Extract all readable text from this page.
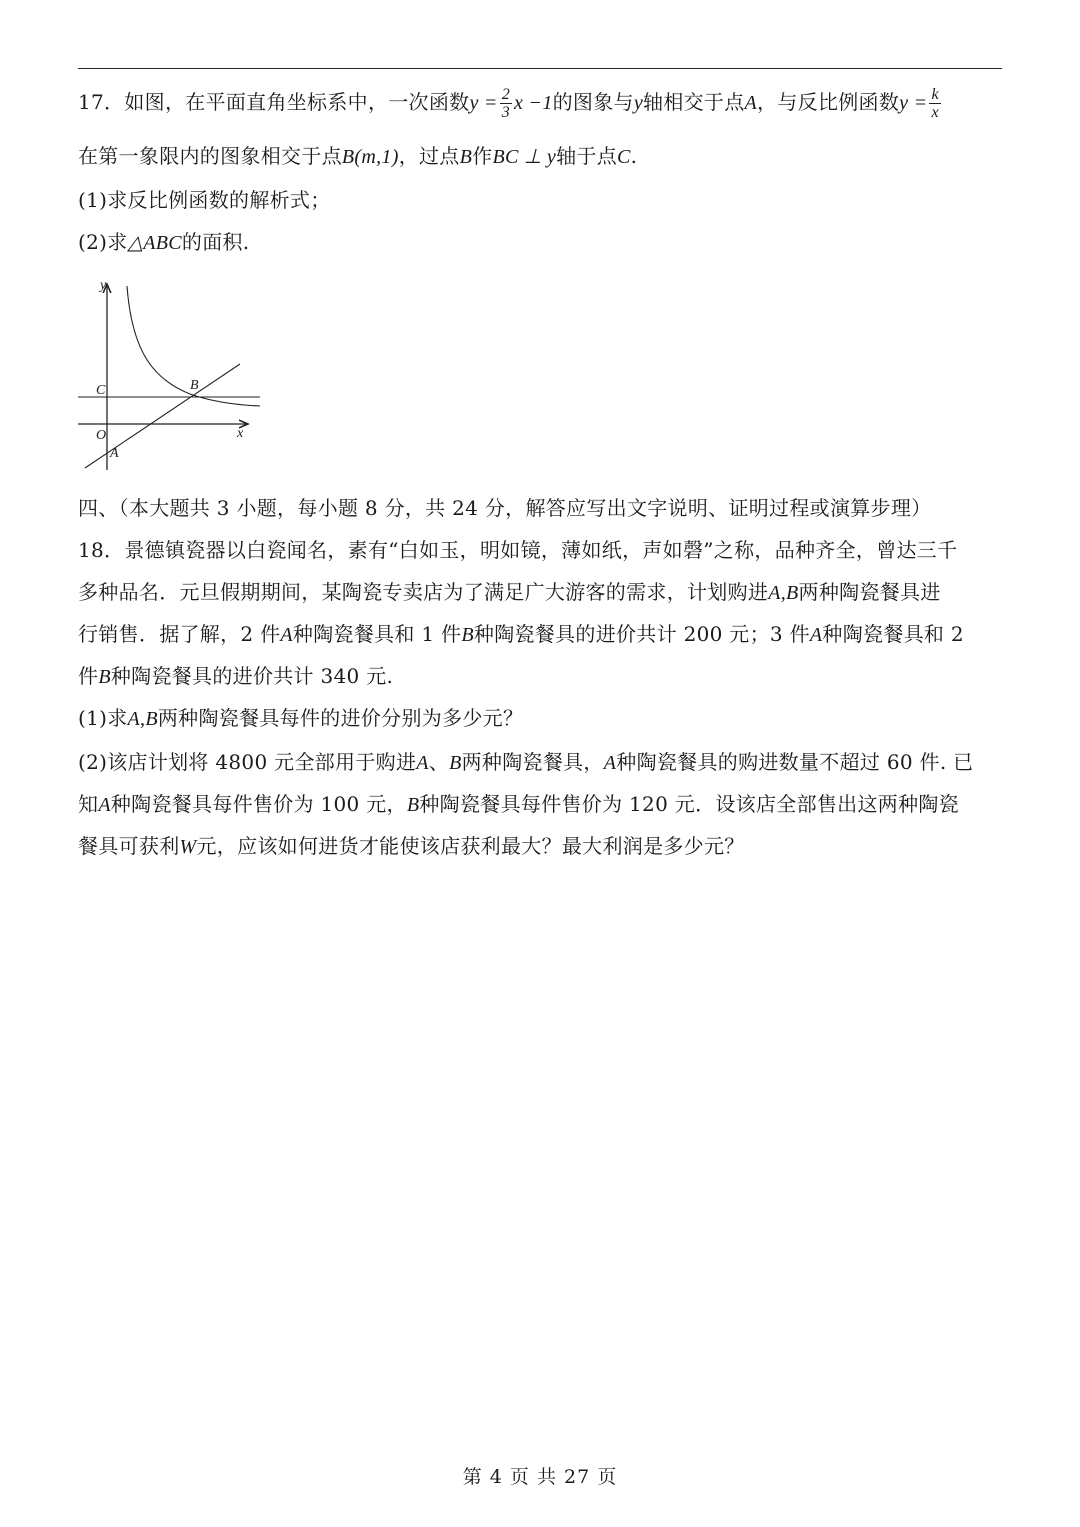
17．如图，在平面直角坐标系中，一次函数$y = \frac{2}{3}$ x −1的图象与y轴相交于点A，与反比例函数$y = \frac{k}{x}$
在第一象限内的图象相交于点B(m,1)，过点B作BC ⊥ y轴于点C.
(1)求反比例函数的解析式；
(2)求△ABC的面积.
y
x
O
A
B
C
四、（本大题共 3 小题，每小题 8 分，共 24 分，解答应写出文字说明、证明过程或演算步理）
18．景德镇瓷器以白瓷闻名，素有“白如玉，明如镜，薄如纸，声如磬”之称，品种齐全，曾达三千
多种品名．元旦假期期间，某陶瓷专卖店为了满足广大游客的需求，计划购进A,B两种陶瓷餐具进
行销售．据了解，2 件A种陶瓷餐具和 1 件B种陶瓷餐具的进价共计 200 元；3 件A种陶瓷餐具和 2
件B种陶瓷餐具的进价共计 340 元.
(1)求A,B两种陶瓷餐具每件的进价分别为多少元？
(2)该店计划将 4800 元全部用于购进A、B两种陶瓷餐具，A种陶瓷餐具的购进数量不超过 60 件. 已
知A种陶瓷餐具每件售价为 100 元，B种陶瓷餐具每件售价为 120 元．设该店全部售出这两种陶瓷
餐具可获利W元，应该如何进货才能使该店获利最大？最大利润是多少元？
第 4 页 共 27 页
